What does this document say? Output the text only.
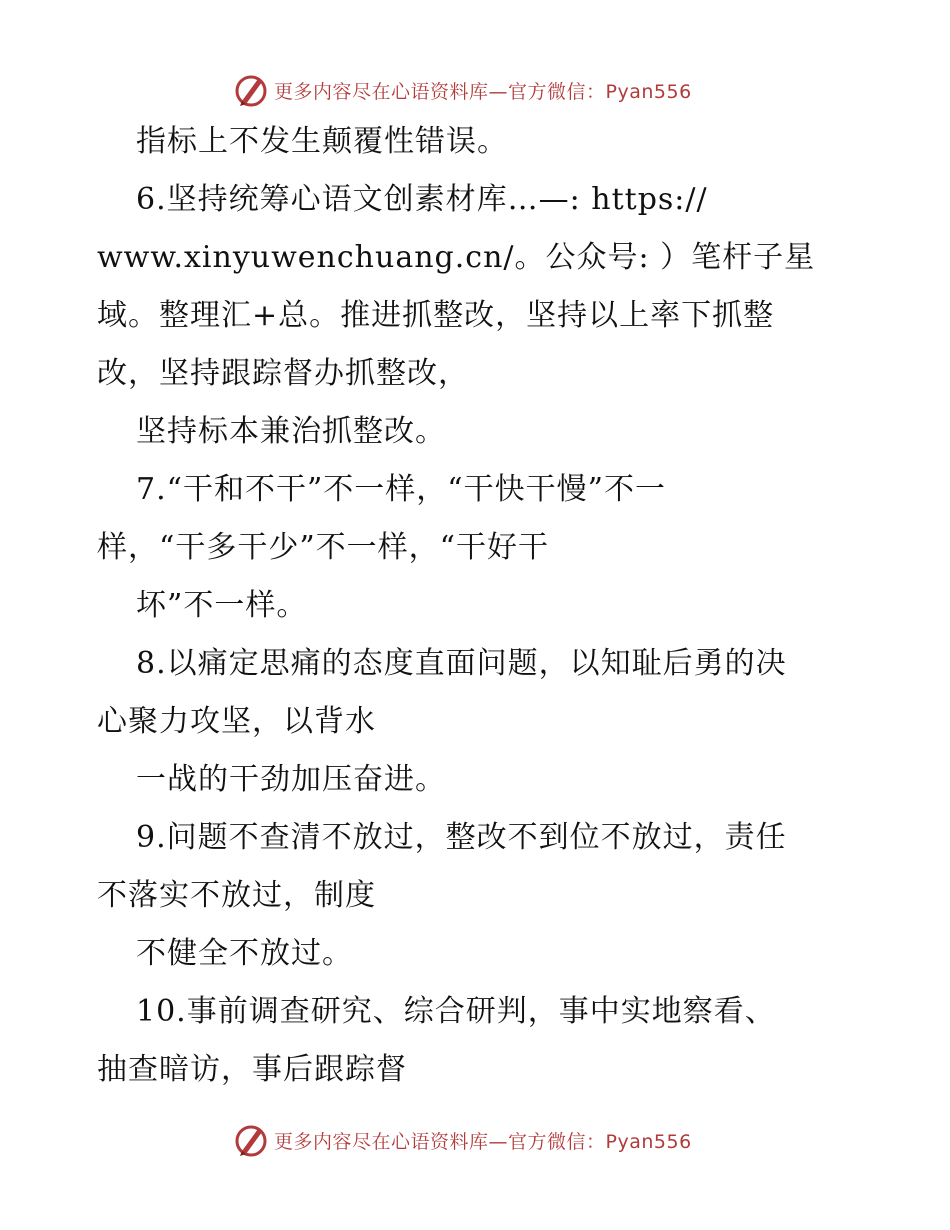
更多内容尽在心语资料库—官方微信：Pyan556
指标上不发生颠覆性错误。
6.坚持统筹心语文创素材库…—: https://
www.xinyuwenchuang.cn/。公众号: ）笔杆子星
域。整理汇+总。推进抓整改，坚持以上率下抓整
改，坚持跟踪督办抓整改，
坚持标本兼治抓整改。
7.“干和不干”不一样，“干快干慢”不一
样，“干多干少”不一样，“干好干
坏”不一样。
8.以痛定思痛的态度直面问题，以知耻后勇的决
心聚力攻坚，以背水
一战的干劲加压奋进。
9.问题不查清不放过，整改不到位不放过，责任
不落实不放过，制度
不健全不放过。
10.事前调查研究、综合研判，事中实地察看、
抽查暗访，事后跟踪督
更多内容尽在心语资料库—官方微信：Pyan556
